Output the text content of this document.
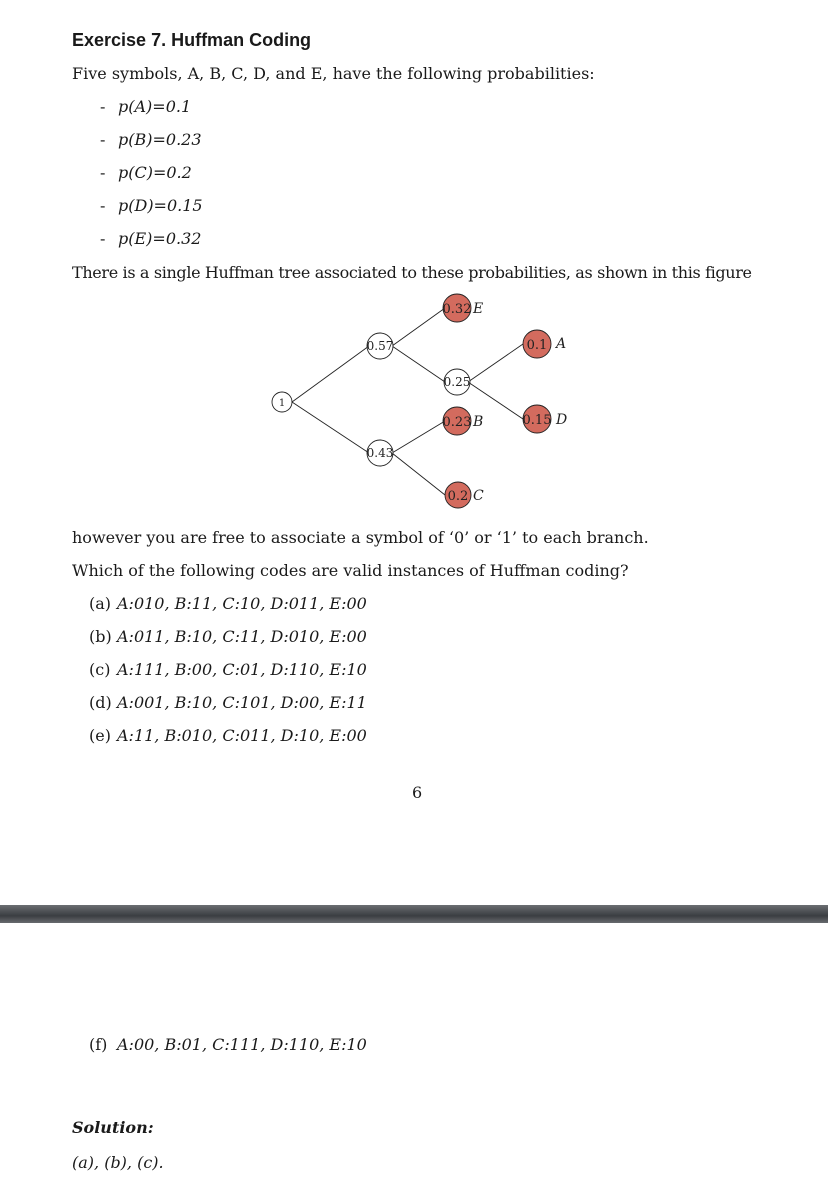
Exercise 7. Huffman Coding
Five symbols, A, B, C, D, and E, have the following probabilities:
- p(A)=0.1
- p(B)=0.23
- p(C)=0.2
- p(D)=0.15
- p(E)=0.32
There is a single Huffman tree associated to these probabilities, as shown in this figure
1
0.57
0.43
0.32 E
0.25
0.23 B
0.2 C
0.1 A
0.15 D
however you are free to associate a symbol of ‘0’ or ‘1’ to each branch.
Which of the following codes are valid instances of Huffman coding?
(a) A:010, B:11, C:10, D:011, E:00
(b) A:011, B:10, C:11, D:010, E:00
(c) A:111, B:00, C:01, D:110, E:10
(d) A:001, B:10, C:101, D:00, E:11
(e) A:11, B:010, C:011, D:10, E:00
6
(f) A:00, B:01, C:111, D:110, E:10
Solution:
(a), (b), (c).
